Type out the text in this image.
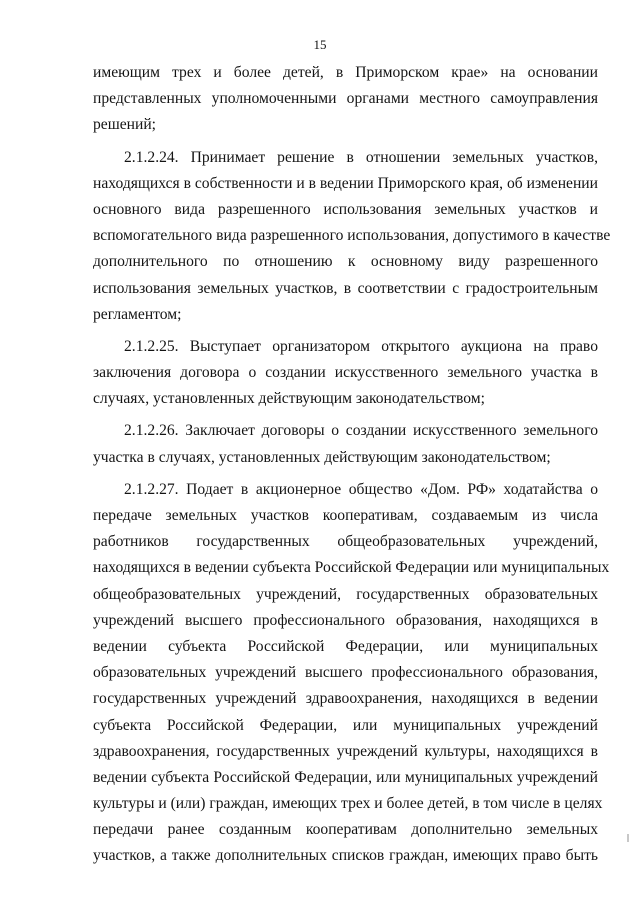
15
имеющим трех и более детей, в Приморском крае» на основании
представленных уполномоченными органами местного самоуправления
решений;
2.1.2.24. Принимает решение в отношении земельных участков,
находящихся в собственности и в ведении Приморского края, об изменении
основного вида разрешенного использования земельных участков и
вспомогательного вида разрешенного использования, допустимого в качестве
дополнительного по отношению к основному виду разрешенного
использования земельных участков, в соответствии с градостроительным
регламентом;
2.1.2.25. Выступает организатором открытого аукциона на право
заключения договора о создании искусственного земельного участка в
случаях, установленных действующим законодательством;
2.1.2.26. Заключает договоры о создании искусственного земельного
участка в случаях, установленных действующим законодательством;
2.1.2.27. Подает в акционерное общество «Дом. РФ» ходатайства о
передаче земельных участков кооперативам, создаваемым из числа
работников государственных общеобразовательных учреждений,
находящихся в ведении субъекта Российской Федерации или муниципальных
общеобразовательных учреждений, государственных образовательных
учреждений высшего профессионального образования, находящихся в
ведении субъекта Российской Федерации, или муниципальных
образовательных учреждений высшего профессионального образования,
государственных учреждений здравоохранения, находящихся в ведении
субъекта Российской Федерации, или муниципальных учреждений
здравоохранения, государственных учреждений культуры, находящихся в
ведении субъекта Российской Федерации, или муниципальных учреждений
культуры и (или) граждан, имеющих трех и более детей, в том числе в целях
передачи ранее созданным кооперативам дополнительно земельных
участков, а также дополнительных списков граждан, имеющих право быть
